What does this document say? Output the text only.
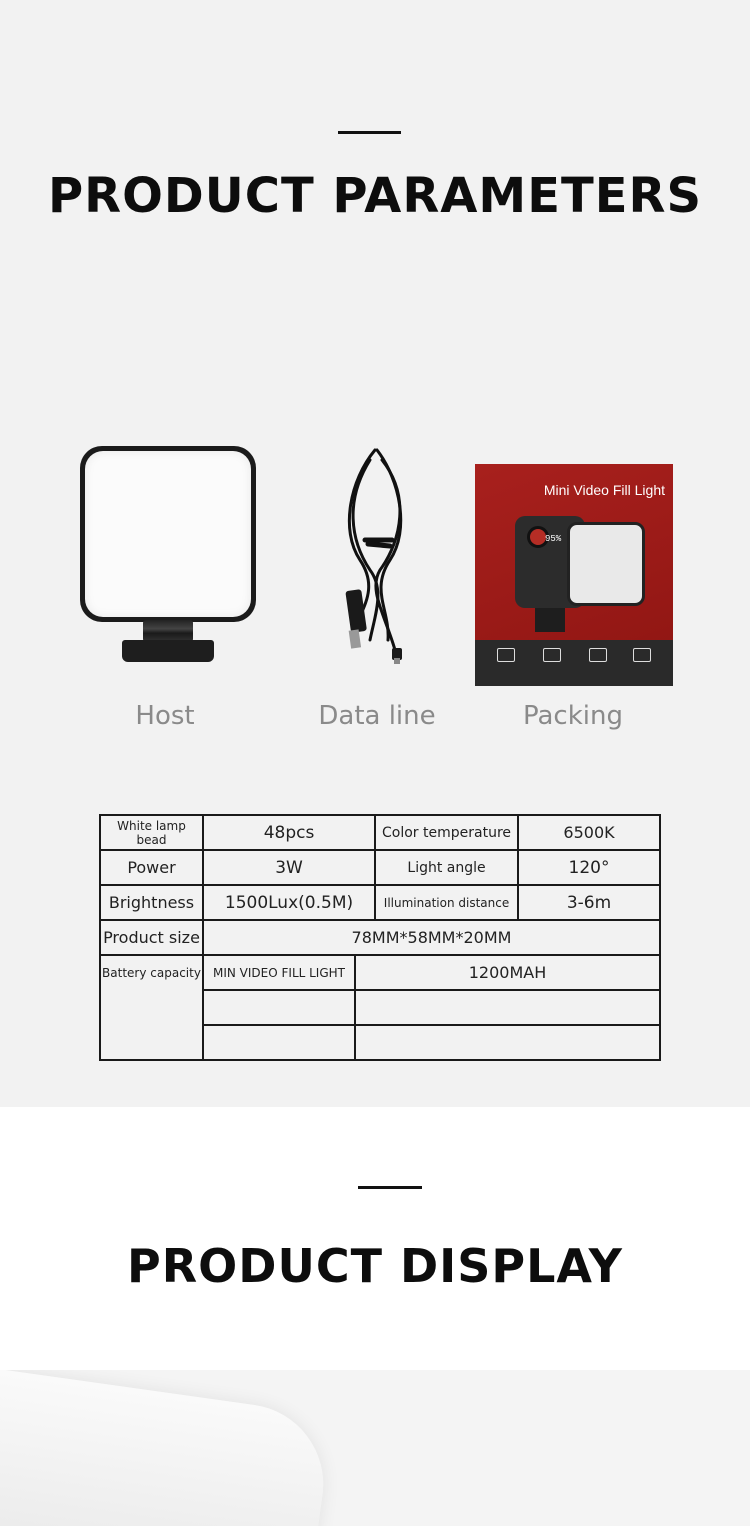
PRODUCT PARAMETERS
Host	Data line
Mini Video Fill Light
95%
Packing
White lamp bead	48pcs		Color temperature	6500K
Power	3W		Light angle	120°
Brightness	1500Lux(0.5M)		Illumination distance	3-6m
Product size	78MM*58MM*20MM			
Battery capacity	MIN VIDEO FILL LIGHT	1200MAH		

PRODUCT DISPLAY
